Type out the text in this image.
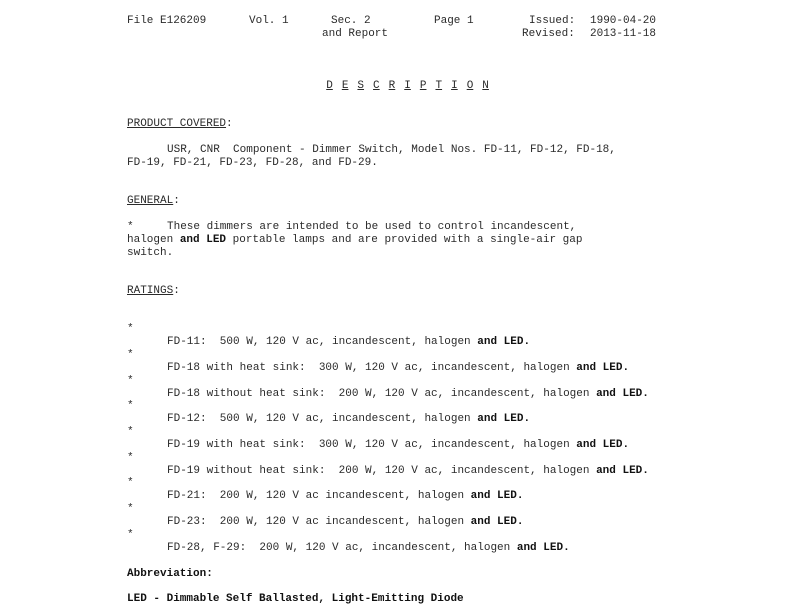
File E126209	Vol. 1	Sec. 2
and Report
Page 1	Issued: 1990-04-20
Revised: 2013-11-18

D E S C R I P T I O N

PRODUCT COVERED:
USR, CNR  Component - Dimmer Switch, Model Nos. FD-11, FD-12, FD-18,
FD-19, FD-21, FD-23, FD-28, and FD-29.
GENERAL:
*	These dimmers are intended to be used to control incandescent,
halogen and LED portable lamps and are provided with a single-air gap
switch.
RATINGS:

*

FD-11:  500 W, 120 V ac, incandescent, halogen and LED.

*

FD-18 with heat sink:  300 W, 120 V ac, incandescent, halogen and LED.

*

FD-18 without heat sink:  200 W, 120 V ac, incandescent, halogen and LED.

*

FD-12:  500 W, 120 V ac, incandescent, halogen and LED.

*

FD-19 with heat sink:  300 W, 120 V ac, incandescent, halogen and LED.

*

FD-19 without heat sink:  200 W, 120 V ac, incandescent, halogen and LED.

*

FD-21:  200 W, 120 V ac incandescent, halogen and LED.

*

FD-23:  200 W, 120 V ac incandescent, halogen and LED.

*

FD-28, F-29:  200 W, 120 V ac, incandescent, halogen and LED.

Abbreviation:
LED - Dimmable Self Ballasted, Light-Emitting Diode
